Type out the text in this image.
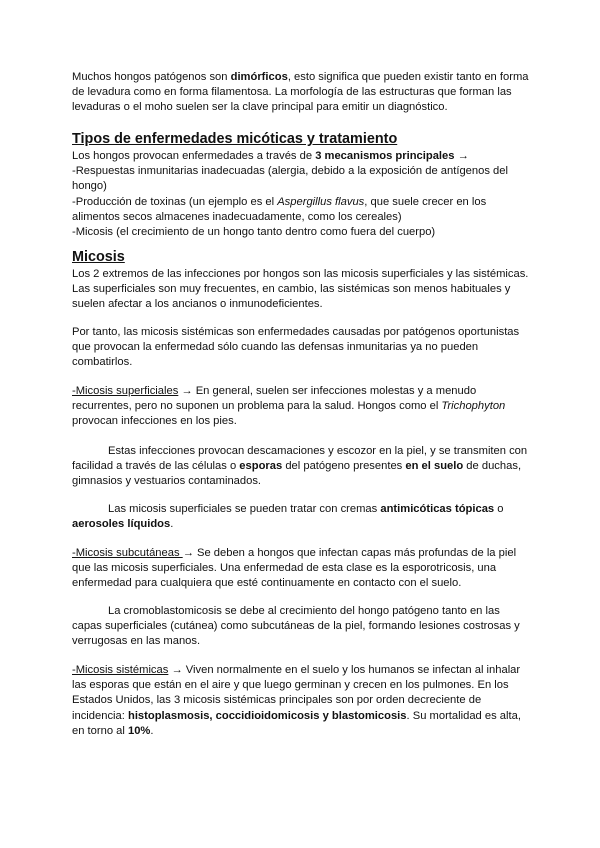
Muchos hongos patógenos son dimórficos, esto significa que pueden existir tanto en forma
de levadura como en forma filamentosa. La morfología de las estructuras que forman las
levaduras o el moho suelen ser la clave principal para emitir un diagnóstico.

Tipos de enfermedades micóticas y tratamiento

Los hongos provocan enfermedades a través de 3 mecanismos principales →
-Respuestas inmunitarias inadecuadas (alergia, debido a la exposición de antígenos del
hongo)
-Producción de toxinas (un ejemplo es el Aspergillus flavus, que suele crecer en los
alimentos secos almacenes inadecuadamente, como los cereales)
-Micosis (el crecimiento de un hongo tanto dentro como fuera del cuerpo)

Micosis

Los 2 extremos de las infecciones por hongos son las micosis superficiales y las sistémicas.
Las superficiales son muy frecuentes, en cambio, las sistémicas son menos habituales y
suelen afectar a los ancianos o inmunodeficientes.

Por tanto, las micosis sistémicas son enfermedades causadas por patógenos oportunistas
que provocan la enfermedad sólo cuando las defensas inmunitarias ya no pueden
combatirlos.

-Micosis superficiales → En general, suelen ser infecciones molestas y a menudo
recurrentes, pero no suponen un problema para la salud. Hongos como el Trichophyton
provocan infecciones en los pies.

Estas infecciones provocan descamaciones y escozor en la piel, y se transmiten con
facilidad a través de las células o esporas del patógeno presentes en el suelo de duchas,
gimnasios y vestuarios contaminados.

Las micosis superficiales se pueden tratar con cremas antimicóticas tópicas o
aerosoles líquidos.

-Micosis subcutáneas → Se deben a hongos que infectan capas más profundas de la piel
que las micosis superficiales. Una enfermedad de esta clase es la esporotricosis, una
enfermedad para cualquiera que esté continuamente en contacto con el suelo.

La cromoblastomicosis se debe al crecimiento del hongo patógeno tanto en las
capas superficiales (cutánea) como subcutáneas de la piel, formando lesiones costrosas y
verrugosas en las manos.

-Micosis sistémicas → Viven normalmente en el suelo y los humanos se infectan al inhalar
las esporas que están en el aire y que luego germinan y crecen en los pulmones. En los
Estados Unidos, las 3 micosis sistémicas principales son por orden decreciente de
incidencia: histoplasmosis, coccidioidomicosis y blastomicosis. Su mortalidad es alta,
en torno al 10%.
